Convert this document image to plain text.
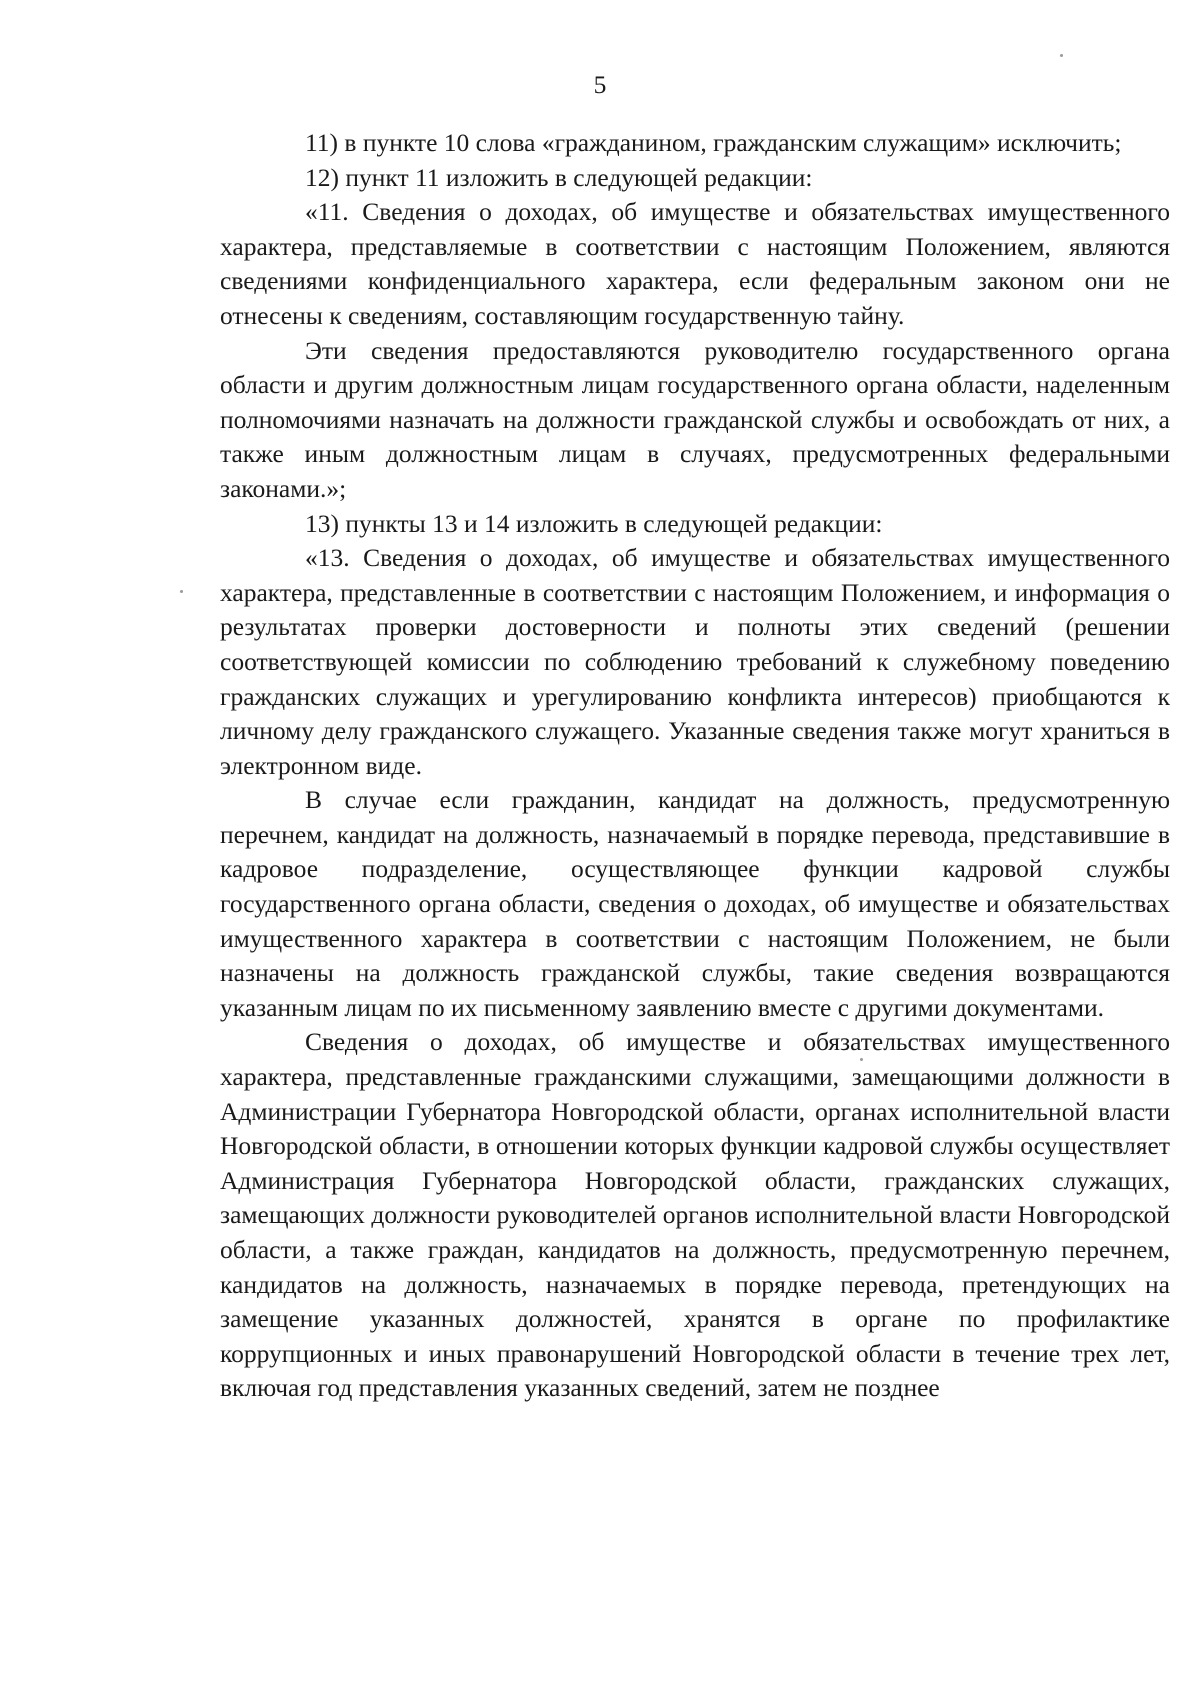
5

11) в пункте 10 слова «гражданином, гражданским служащим» исключить;

12) пункт 11 изложить в следующей редакции:

«11. Сведения о доходах, об имуществе и обязательствах имущественного характера, представляемые в соответствии с настоящим Положением, являются сведениями конфиденциального характера, если федеральным законом они не отнесены к сведениям, составляющим государственную тайну.

Эти сведения предоставляются руководителю государственного органа области и другим должностным лицам государственного органа области, наделенным полномочиями назначать на должности гражданской службы и освобождать от них, а также иным должностным лицам в случаях, предусмотренных федеральными законами.»;

13) пункты 13 и 14 изложить в следующей редакции:

«13. Сведения о доходах, об имуществе и обязательствах имущественного характера, представленные в соответствии с настоящим Положением, и информация о результатах проверки достоверности и полноты этих сведений (решении соответствующей комиссии по соблюдению требований к служебному поведению гражданских служащих и урегулированию конфликта интересов) приобщаются к личному делу гражданского служащего. Указанные сведения также могут храниться в электронном виде.

В случае если гражданин, кандидат на должность, предусмотренную перечнем, кандидат на должность, назначаемый в порядке перевода, представившие в кадровое подразделение, осуществляющее функции кадровой службы государственного органа области, сведения о доходах, об имуществе и обязательствах имущественного характера в соответствии с настоящим Положением, не были назначены на должность гражданской службы, такие сведения возвращаются указанным лицам по их письменному заявлению вместе с другими документами.

Сведения о доходах, об имуществе и обязательствах имущественного характера, представленные гражданскими служащими, замещающими должности в Администрации Губернатора Новгородской области, органах исполнительной власти Новгородской области, в отношении которых функции кадровой службы осуществляет Администрация Губернатора Новгородской области, гражданских служащих, замещающих должности руководителей органов исполнительной власти Новгородской области, а также граждан, кандидатов на должность, предусмотренную перечнем, кандидатов на должность, назначаемых в порядке перевода, претендующих на замещение указанных должностей, хранятся в органе по профилактике коррупционных и иных правонарушений Новгородской области в течение трех лет, включая год представления указанных сведений, затем не позднее
